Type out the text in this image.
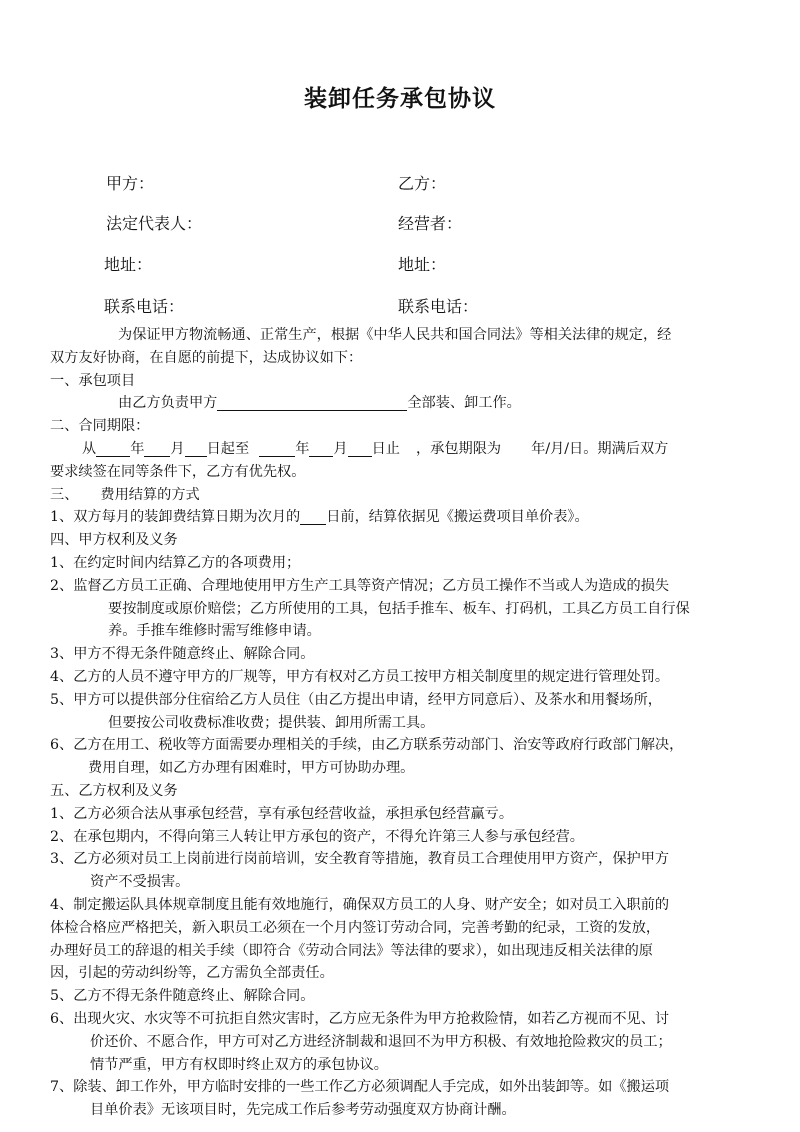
装卸任务承包协议
甲方：	乙方：
法定代表人：	经营者：
地址：	地址：
联系电话：	联系电话：
为保证甲方物流畅通、正常生产，根据《中华人民共和国合同法》等相关法律的规定，经
双方友好协商，在自愿的前提下，达成协议如下：
一、承包项目
由乙方负责甲方	全部装、卸工作。
二、合同期限：
从 年 月 日起至	年 月 日止 ，承包期限为 年/月/日。期满后双方
要求续签在同等条件下，乙方有优先权。
三、 费用结算的方式
1、双方每月的装卸费结算日期为次月的 日前，结算依据见《搬运费项目单价表》。
四、甲方权利及义务
1、在约定时间内结算乙方的各项费用；
2、监督乙方员工正确、合理地使用甲方生产工具等资产情况；乙方员工操作不当或人为造成的损失
要按制度或原价赔偿；乙方所使用的工具，包括手推车、板车、打码机，工具乙方员工自行保
养。手推车维修时需写维修申请。
3、甲方不得无条件随意终止、解除合同。
4、乙方的人员不遵守甲方的厂规等，甲方有权对乙方员工按甲方相关制度里的规定进行管理处罚。
5、甲方可以提供部分住宿给乙方人员住（由乙方提出申请，经甲方同意后）、及茶水和用餐场所，
但要按公司收费标准收费；提供装、卸用所需工具。
6、乙方在用工、税收等方面需要办理相关的手续，由乙方联系劳动部门、治安等政府行政部门解决，
费用自理，如乙方办理有困难时，甲方可协助办理。
五、乙方权利及义务
1、乙方必须合法从事承包经营，享有承包经营收益，承担承包经营赢亏。
2、在承包期内，不得向第三人转让甲方承包的资产，不得允许第三人参与承包经营。
3、乙方必须对员工上岗前进行岗前培训，安全教育等措施，教育员工合理使用甲方资产，保护甲方
资产不受损害。
4、制定搬运队具体规章制度且能有效地施行，确保双方员工的人身、财产安全；如对员工入职前的
体检合格应严格把关，新入职员工必须在一个月内签订劳动合同，完善考勤的纪录，工资的发放，
办理好员工的辞退的相关手续（即符合《劳动合同法》等法律的要求），如出现违反相关法律的原
因，引起的劳动纠纷等，乙方需负全部责任。
5、乙方不得无条件随意终止、解除合同。
6、出现火灾、水灾等不可抗拒自然灾害时，乙方应无条件为甲方抢救险情，如若乙方视而不见、讨
价还价、不愿合作，甲方可对乙方进经济制裁和退回不为甲方积极、有效地抢险救灾的员工；
情节严重，甲方有权即时终止双方的承包协议。
7、除装、卸工作外，甲方临时安排的一些工作乙方必须调配人手完成，如外出装卸等。如《搬运项
目单价表》无该项目时，先完成工作后参考劳动强度双方协商计酬。
